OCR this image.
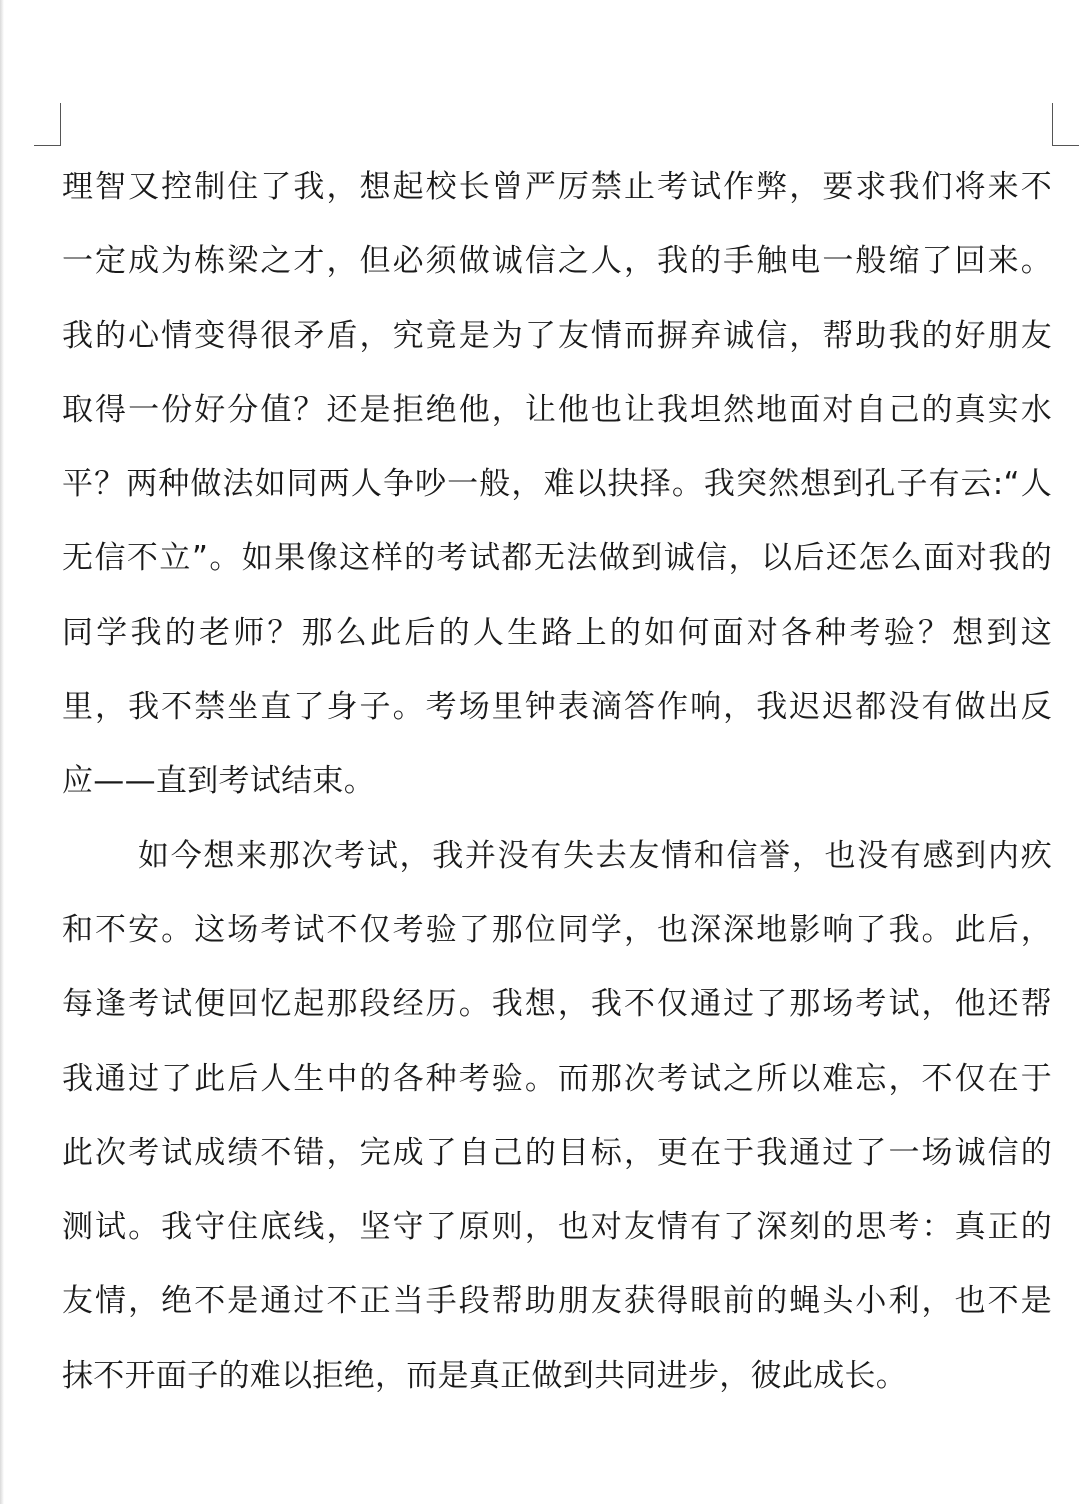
理智又控制住了我，想起校长曾严厉禁止考试作弊，要求我们将来不
一定成为栋梁之才，但必须做诚信之人，我的手触电一般缩了回来。
我的心情变得很矛盾，究竟是为了友情而摒弃诚信，帮助我的好朋友
取得一份好分值？还是拒绝他，让他也让我坦然地面对自己的真实水
平？两种做法如同两人争吵一般，难以抉择。我突然想到孔子有云:“人
无信不立”。如果像这样的考试都无法做到诚信，以后还怎么面对我的
同学我的老师？那么此后的人生路上的如何面对各种考验？想到这
里，我不禁坐直了身子。考场里钟表滴答作响，我迟迟都没有做出反
应——直到考试结束。
如今想来那次考试，我并没有失去友情和信誉，也没有感到内疚
和不安。这场考试不仅考验了那位同学，也深深地影响了我。此后，
每逢考试便回忆起那段经历。我想，我不仅通过了那场考试，他还帮
我通过了此后人生中的各种考验。而那次考试之所以难忘，不仅在于
此次考试成绩不错，完成了自己的目标，更在于我通过了一场诚信的
测试。我守住底线，坚守了原则，也对友情有了深刻的思考：真正的
友情，绝不是通过不正当手段帮助朋友获得眼前的蝇头小利，也不是
抹不开面子的难以拒绝，而是真正做到共同进步，彼此成长。
